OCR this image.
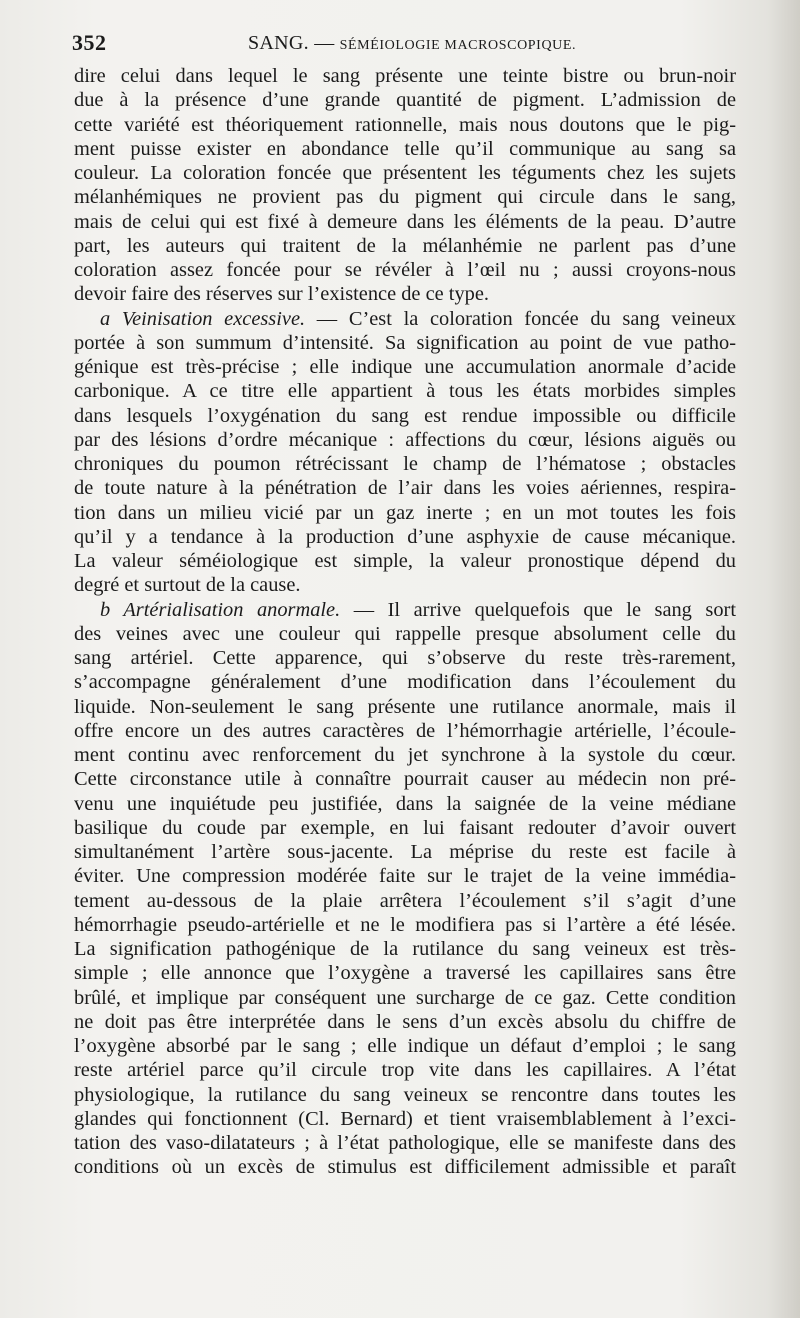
352	SANG. — SÉMÉIOLOGIE MACROSCOPIQUE.
dire celui dans lequel le sang présente une teinte bistre ou brun-noir
due à la présence d’une grande quantité de pigment. L’admission de
cette variété est théoriquement rationnelle, mais nous doutons que le pig-
ment puisse exister en abondance telle qu’il communique au sang sa
couleur. La coloration foncée que présentent les téguments chez les sujets
mélanhémiques ne provient pas du pigment qui circule dans le sang,
mais de celui qui est fixé à demeure dans les éléments de la peau. D’autre
part, les auteurs qui traitent de la mélanhémie ne parlent pas d’une
coloration assez foncée pour se révéler à l’œil nu ; aussi croyons-nous
devoir faire des réserves sur l’existence de ce type.
a Veinisation excessive. — C’est la coloration foncée du sang veineux
portée à son summum d’intensité. Sa signification au point de vue patho-
génique est très-précise ; elle indique une accumulation anormale d’acide
carbonique. A ce titre elle appartient à tous les états morbides simples
dans lesquels l’oxygénation du sang est rendue impossible ou difficile
par des lésions d’ordre mécanique : affections du cœur, lésions aiguës ou
chroniques du poumon rétrécissant le champ de l’hématose ; obstacles
de toute nature à la pénétration de l’air dans les voies aériennes, respira-
tion dans un milieu vicié par un gaz inerte ; en un mot toutes les fois
qu’il y a tendance à la production d’une asphyxie de cause mécanique.
La valeur séméiologique est simple, la valeur pronostique dépend du
degré et surtout de la cause.
b Artérialisation anormale. — Il arrive quelquefois que le sang sort
des veines avec une couleur qui rappelle presque absolument celle du
sang artériel. Cette apparence, qui s’observe du reste très-rarement,
s’accompagne généralement d’une modification dans l’écoulement du
liquide. Non-seulement le sang présente une rutilance anormale, mais il
offre encore un des autres caractères de l’hémorrhagie artérielle, l’écoule-
ment continu avec renforcement du jet synchrone à la systole du cœur.
Cette circonstance utile à connaître pourrait causer au médecin non pré-
venu une inquiétude peu justifiée, dans la saignée de la veine médiane
basilique du coude par exemple, en lui faisant redouter d’avoir ouvert
simultanément l’artère sous-jacente. La méprise du reste est facile à
éviter. Une compression modérée faite sur le trajet de la veine immédia-
tement au-dessous de la plaie arrêtera l’écoulement s’il s’agit d’une
hémorrhagie pseudo-artérielle et ne le modifiera pas si l’artère a été lésée.
La signification pathogénique de la rutilance du sang veineux est très-
simple ; elle annonce que l’oxygène a traversé les capillaires sans être
brûlé, et implique par conséquent une surcharge de ce gaz. Cette condition
ne doit pas être interprétée dans le sens d’un excès absolu du chiffre de
l’oxygène absorbé par le sang ; elle indique un défaut d’emploi ; le sang
reste artériel parce qu’il circule trop vite dans les capillaires. A l’état
physiologique, la rutilance du sang veineux se rencontre dans toutes les
glandes qui fonctionnent (Cl. Bernard) et tient vraisemblablement à l’exci-
tation des vaso-dilatateurs ; à l’état pathologique, elle se manifeste dans des
conditions où un excès de stimulus est difficilement admissible et paraît
